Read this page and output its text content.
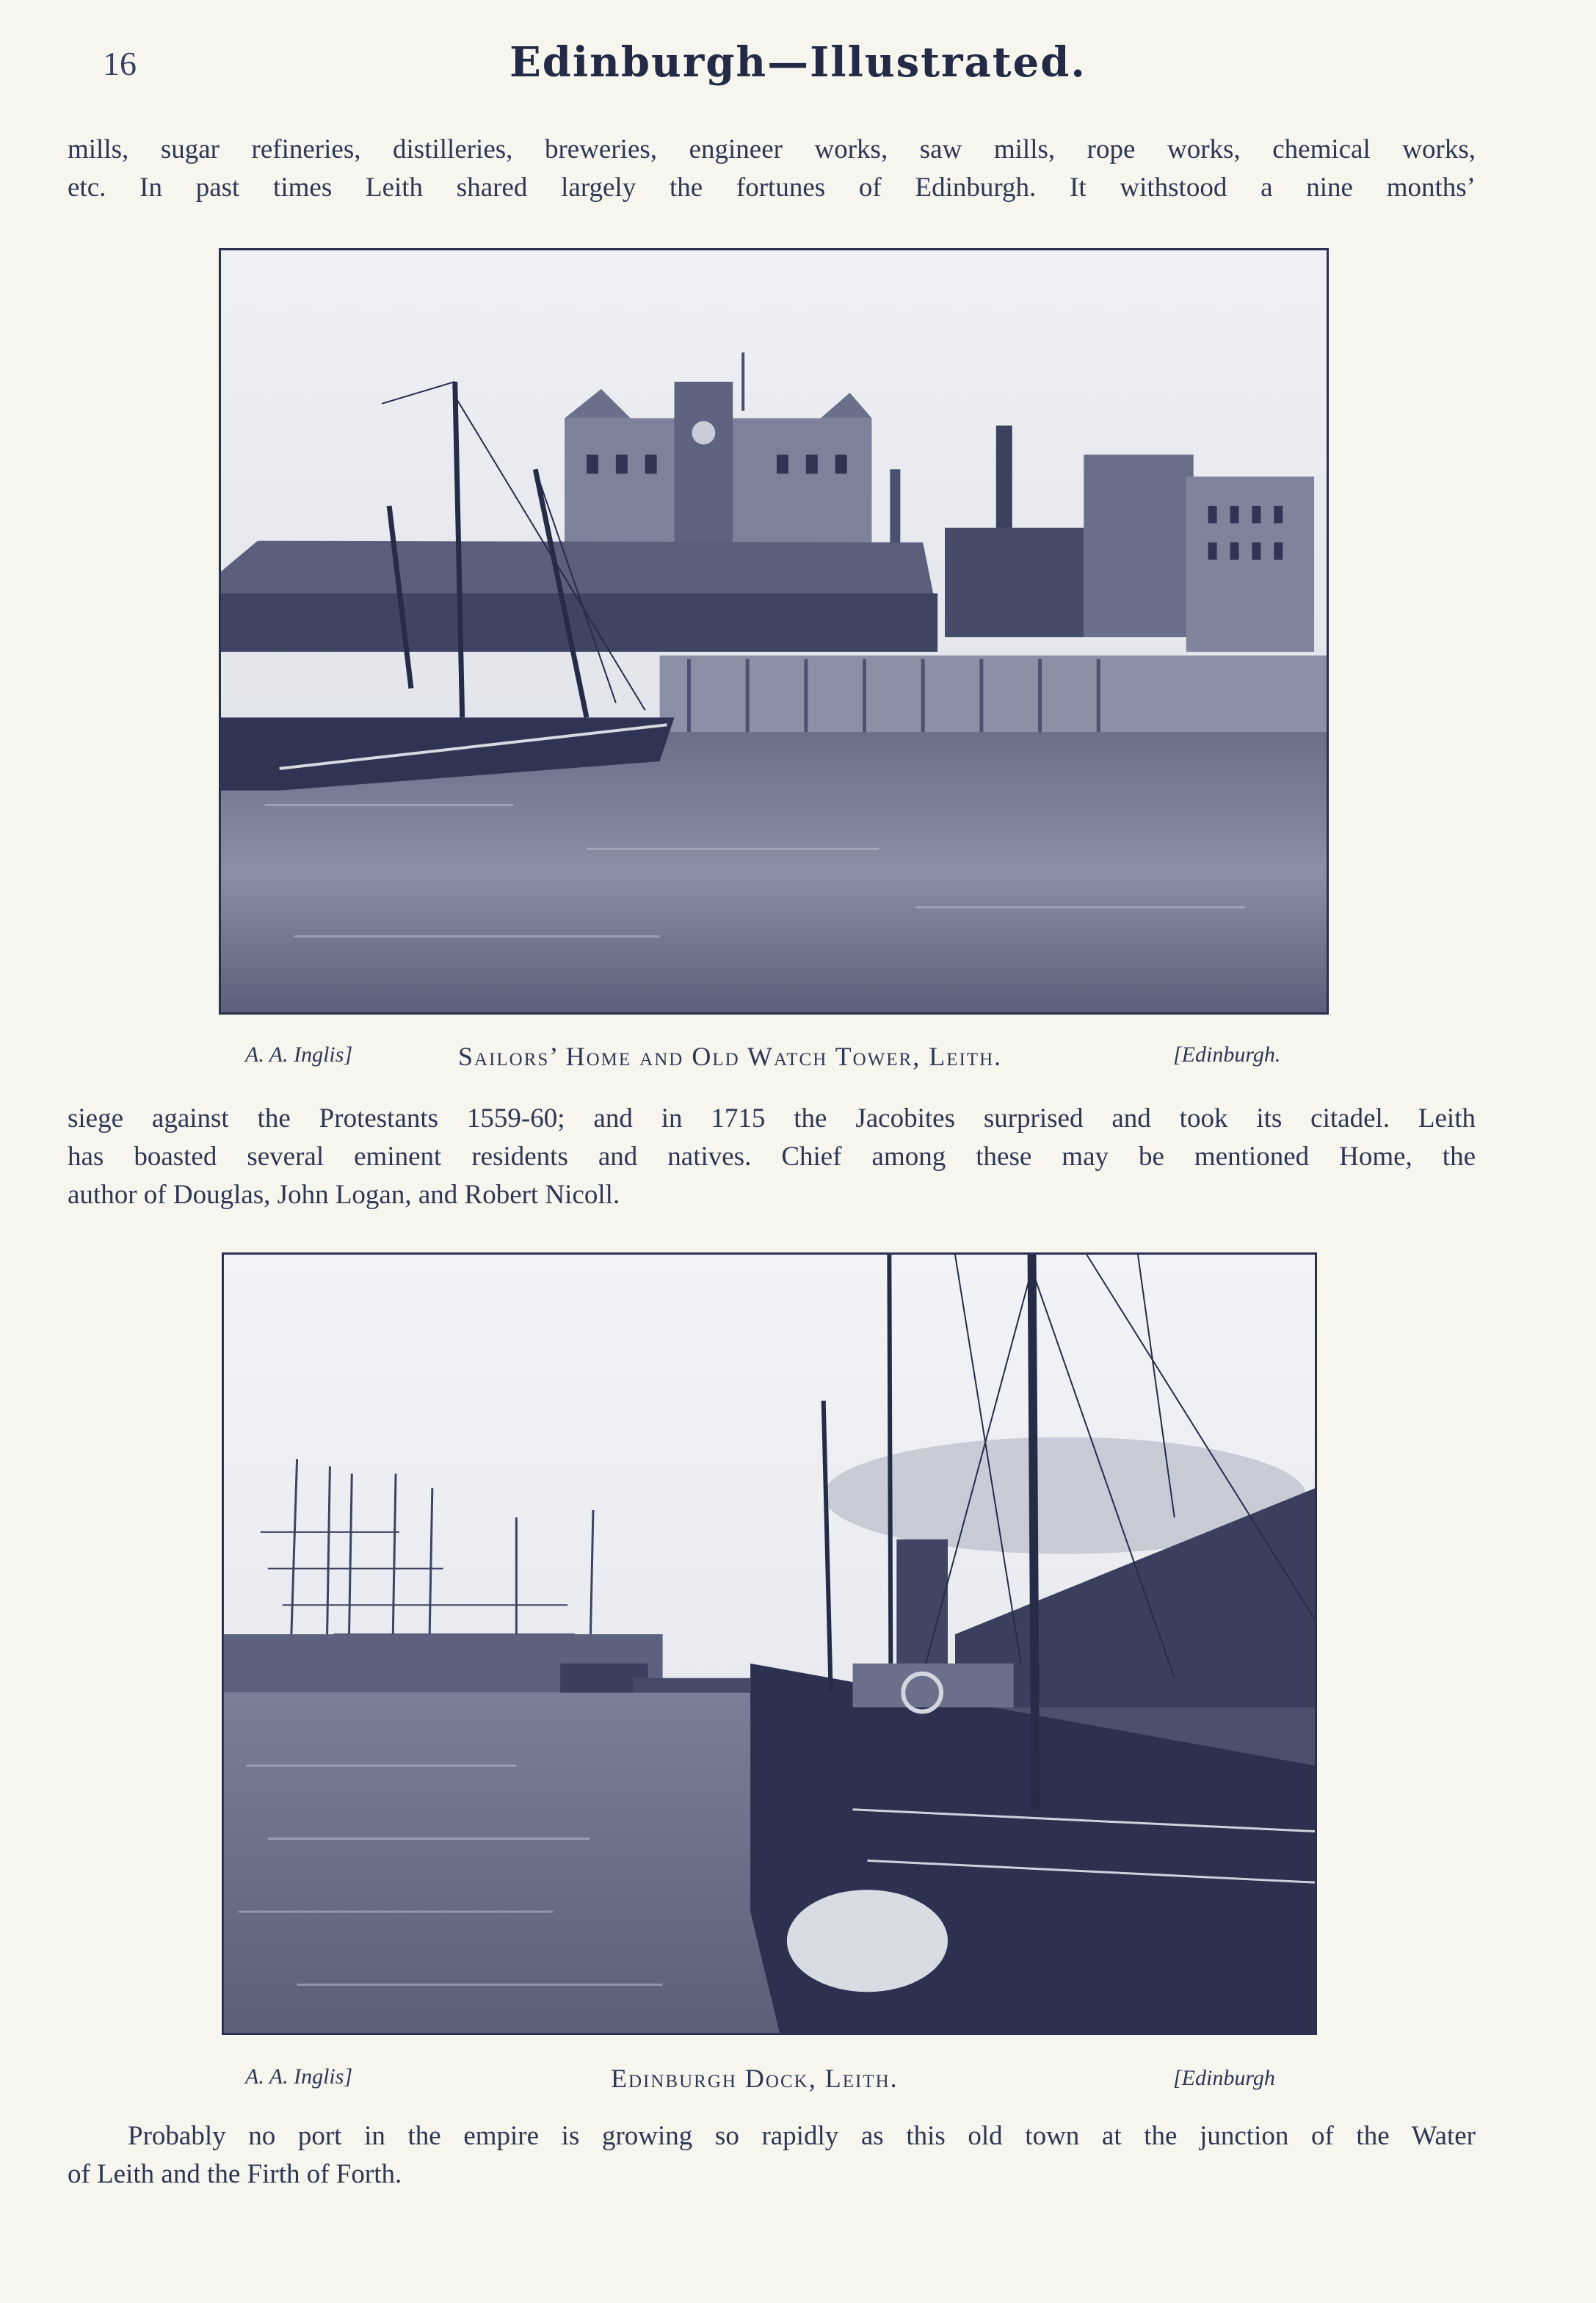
16	Edinburgh—Illustrated.
mills, sugar refineries, distilleries, breweries, engineer works, saw mills, rope works, chemical works,
etc. In past times Leith shared largely the fortunes of Edinburgh. It withstood a nine months’
A. A. Inglis]	Sailors’ Home and Old Watch Tower, Leith.	[Edinburgh.
siege against the Protestants 1559-60; and in 1715 the Jacobites surprised and took its citadel. Leith
has boasted several eminent residents and natives. Chief among these may be mentioned Home, the
author of Douglas, John Logan, and Robert Nicoll.
A. A. Inglis]	Edinburgh Dock, Leith.	[Edinburgh
Probably no port in the empire is growing so rapidly as this old town at the junction of the Water
of Leith and the Firth of Forth.
